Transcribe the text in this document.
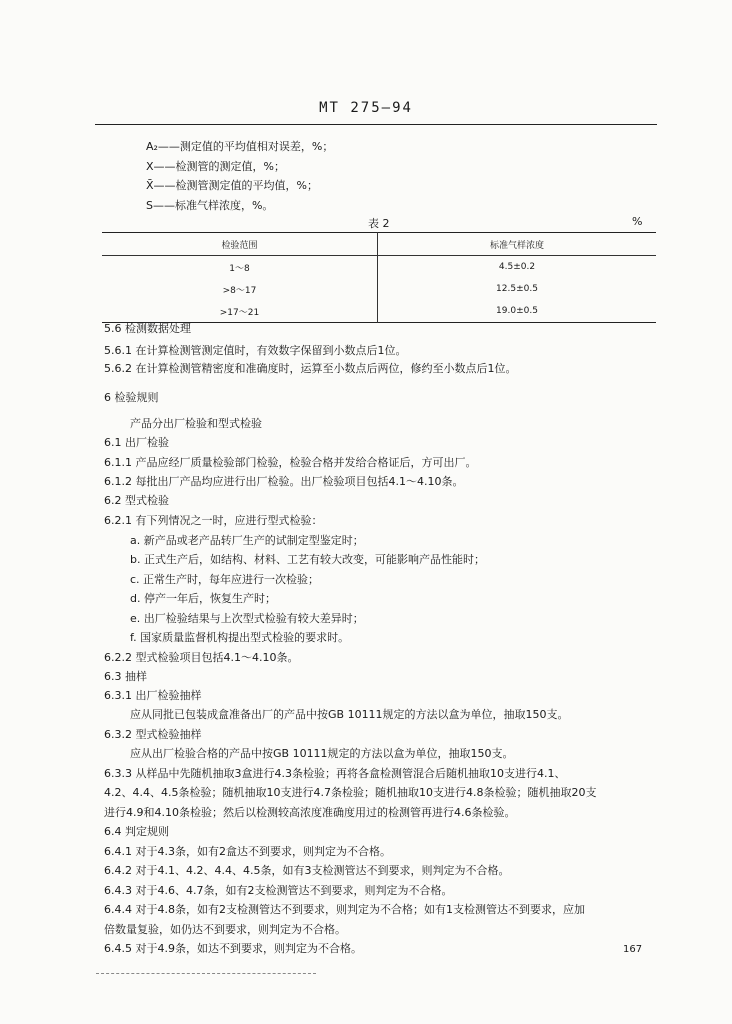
MT 275—94
A₂——测定值的平均值相对误差，%；
X——检测管的测定值，%；
X̄——检测管测定值的平均值，%；
S——标准气样浓度，%。
表 2	%
检验范围	标准气样浓度
1～8	4.5±0.2
>8～17	12.5±0.5
>17～21	19.0±0.5
5.6 检测数据处理
5.6.1 在计算检测管测定值时，有效数字保留到小数点后1位。
5.6.2 在计算检测管精密度和准确度时，运算至小数点后两位，修约至小数点后1位。
6 检验规则
产品分出厂检验和型式检验
6.1 出厂检验
6.1.1 产品应经厂质量检验部门检验，检验合格并发给合格证后，方可出厂。
6.1.2 每批出厂产品均应进行出厂检验。出厂检验项目包括4.1～4.10条。
6.2 型式检验
6.2.1 有下列情况之一时，应进行型式检验：
a. 新产品或老产品转厂生产的试制定型鉴定时；
b. 正式生产后，如结构、材料、工艺有较大改变，可能影响产品性能时；
c. 正常生产时，每年应进行一次检验；
d. 停产一年后，恢复生产时；
e. 出厂检验结果与上次型式检验有较大差异时；
f. 国家质量监督机构提出型式检验的要求时。
6.2.2 型式检验项目包括4.1～4.10条。
6.3 抽样
6.3.1 出厂检验抽样
应从同批已包装成盒准备出厂的产品中按GB 10111规定的方法以盒为单位，抽取150支。
6.3.2 型式检验抽样
应从出厂检验合格的产品中按GB 10111规定的方法以盒为单位，抽取150支。
6.3.3 从样品中先随机抽取3盒进行4.3条检验；再将各盒检测管混合后随机抽取10支进行4.1、
4.2、4.4、4.5条检验；随机抽取10支进行4.7条检验；随机抽取10支进行4.8条检验；随机抽取20支
进行4.9和4.10条检验；然后以检测较高浓度准确度用过的检测管再进行4.6条检验。
6.4 判定规则
6.4.1 对于4.3条，如有2盒达不到要求，则判定为不合格。
6.4.2 对于4.1、4.2、4.4、4.5条，如有3支检测管达不到要求，则判定为不合格。
6.4.3 对于4.6、4.7条，如有2支检测管达不到要求，则判定为不合格。
6.4.4 对于4.8条，如有2支检测管达不到要求，则判定为不合格；如有1支检测管达不到要求，应加
倍数量复验，如仍达不到要求，则判定为不合格。
6.4.5 对于4.9条，如达不到要求，则判定为不合格。	167
